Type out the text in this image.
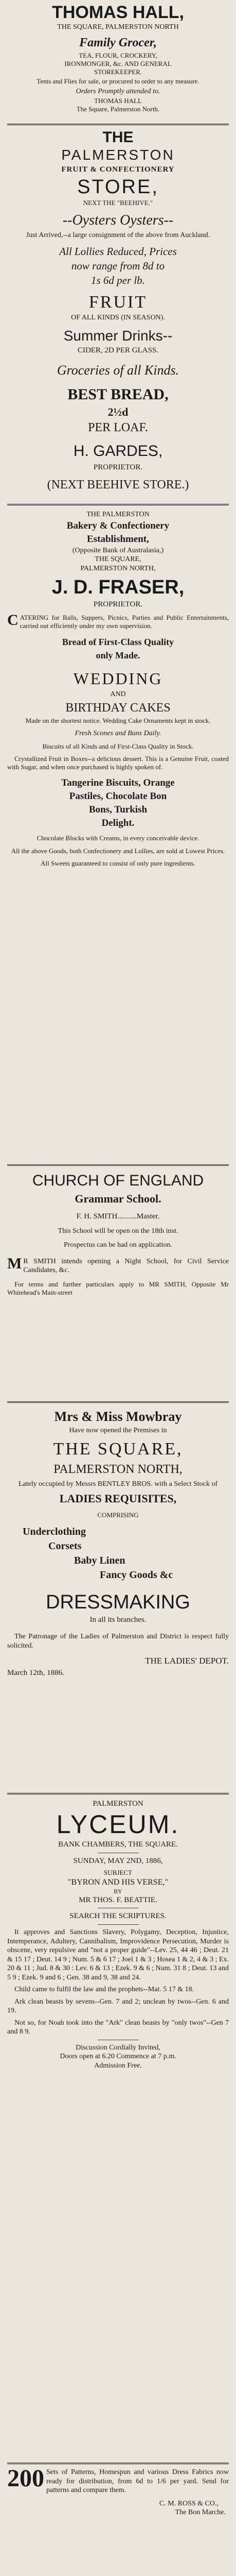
THOMAS HALL,
THE SQUARE, PALMERSTON NORTH
Family Grocer,
TEA, FLOUR, CROCKERY,
IRONMONGER, &c. AND GENERAL
STOREKEEPER.
Tents and Flies for sale, or procured to order to any measure.
Orders Promptly attended to.
THOMAS HALL
The Square, Palmerston North.
THE
PALMERSTON
FRUIT & CONFECTIONERY
STORE,
NEXT THE "BEEHIVE."
--Oysters Oysters--
Just Arrived,--a large consignment of the above from Auckland.
All Lollies Reduced, Prices
now range from 8d to
1s 6d per lb.
FRUIT
OF ALL KINDS (IN SEASON).
Summer Drinks--
CIDER, 2D PER GLASS.
Groceries of all Kinds.
BEST BREAD,
2½d
PER LOAF.
H. GARDES,
PROPRIETOR.
(NEXT BEEHIVE STORE.)
THE PALMERSTON
Bakery & Confectionery
Establishment,
(Opposite Bank of Australasia,)
THE SQUARE,
PALMERSTON NORTH,
J. D. FRASER,
PROPRIETOR.
CATERING for Balls, Suppers, Picnics, Parties and Public Entertainments, carried out efficiently under my own supervision.
Bread of First-Class Quality
only Made.
WEDDING
AND
BIRTHDAY CAKES
Made on the shortest notice. Wedding Cake Ornaments kept in stock.
Fresh Scones and Buns Daily.
Biscuits of all Kinds and of First-Class Quality in Stock.
Crystallized Fruit in Boxes--a delicious dessert. This is a Genuine Fruit, coated with Sugar, and when once purchased is highly spoken of.
Tangerine Biscuits, Orange
Pastiles, Chocolate Bon
Bons, Turkish
Delight.
Chocolate Blocks with Creams, in every conceivable device.
All the above Goods, both Confectionery and Lollies, are sold at Lowest Prices.
All Sweets guaranteed to consist of only pure ingredients.
CHURCH OF ENGLAND
Grammar School.
F. H. SMITH..........Master.
This School will be open on the 18th inst.
Prospectus can be had on application.
M R SMITH intends opening a Night School, for Civil Service Candidates, &c.
For terms and further particulars apply to MR SMITH, Opposite Mr Whitehead's Main-street
Mrs & Miss Mowbray
Have now opened the Premises in
THE SQUARE,
PALMERSTON NORTH,
Lately occupied by Messrs BENTLEY BROS. with a Select Stock of
LADIES REQUISITES,
COMPRISING
Underclothing
Corsets
Baby Linen
Fancy Goods &c
DRESSMAKING
In all its branches.
The Patronage of the Ladies of Palmerston and District is respect fully solicited.
THE LADIES' DEPOT.
March 12th, 1886.
PALMERSTON
LYCEUM.
BANK CHAMBERS, THE SQUARE.
SUNDAY, MAY 2ND, 1886,
SUBJECT
"BYRON AND HIS VERSE,"
BY
MR THOS. F. BEATTIE.
SEARCH THE SCRIPTURES.
It approves and Sanctions Slavery, Polygamy, Deception, Injustice, Intemperance, Adultery, Cannibalism, Improvidence Persecution, Murder is obscene, very repulsive and "not a proper guide"--Lev. 25, 44 46 ; Deut. 21 & 15 17 ; Deut. 14 9 ; Num. 5 & 6 17 ; Joel 1 & 3 ; Hosea 1 & 2, 4 & 3 ; Ex. 20 & 11 ; Jud. 8 & 30 : Lev. 6 & 13 ; Ezek. 9 & 6 ; Num. 31 8 ; Deut. 13 and 5 9 ; Ezek. 9 and 6 ; Gen. 38 and 9, 38 and 24.
Child came to fulfil the law and the prophets--Mat. 5 17 & 18.
Ark clean beasts by sevens--Gen. 7 and 2; unclean by twos--Gen. 6 and 19.
Not so, for Noah took into the "Ark" clean beasts by "only twos"--Gen 7 and 8 9.
Discussion Cordially Invited,
Doors open at 6.20 Commence at 7 p.m.
Admission Free.
200 Sets of Patterns, Homespun and various Dress Fabrics now ready for distribution, from 6d to 1/6 per yard. Send for patterns and compare them.
C. M. ROSS & CO.,
The Bon Marche.
